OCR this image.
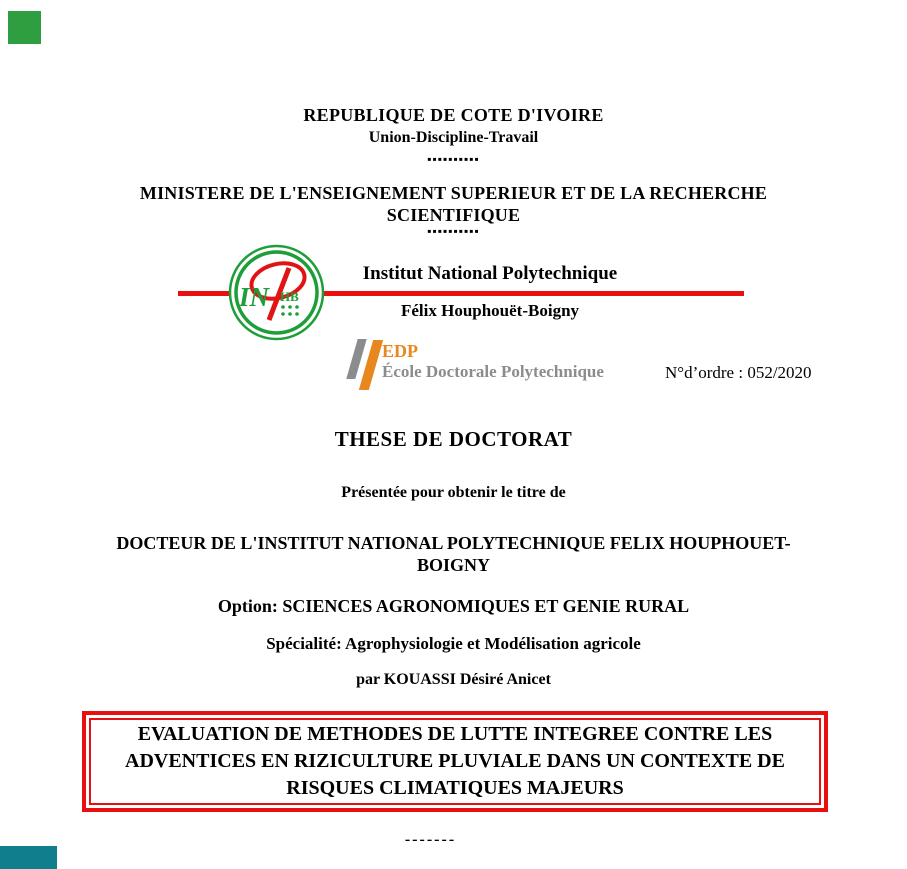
REPUBLIQUE DE COTE D'IVOIRE
Union-Discipline-Travail
▪▪▪▪▪▪▪▪▪▪
MINISTERE DE L'ENSEIGNEMENT SUPERIEUR ET DE LA RECHERCHE
SCIENTIFIQUE
▪▪▪▪▪▪▪▪▪▪
IN HB
Institut National Polytechnique
Félix Houphouët-Boigny
EDP
École Doctorale Polytechnique	N°d’ordre : 052/2020
THESE DE DOCTORAT
Présentée pour obtenir le titre de
DOCTEUR DE L'INSTITUT NATIONAL POLYTECHNIQUE FELIX HOUPHOUET-
BOIGNY
Option: SCIENCES AGRONOMIQUES ET GENIE RURAL
Spécialité: Agrophysiologie et Modélisation agricole
par KOUASSI Désiré Anicet
EVALUATION DE METHODES DE LUTTE INTEGREE CONTRE LES
ADVENTICES EN RIZICULTURE PLUVIALE DANS UN CONTEXTE DE
RISQUES CLIMATIQUES MAJEURS
-------
